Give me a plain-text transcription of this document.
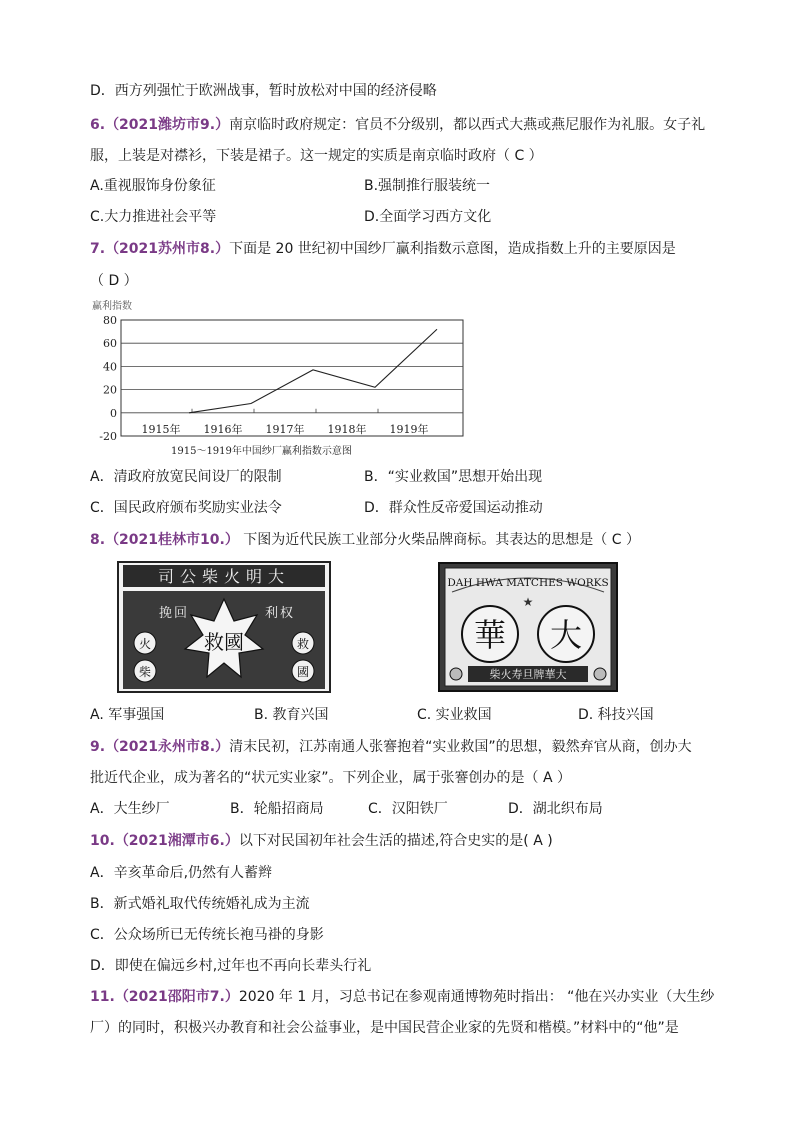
D．西方列强忙于欧洲战事，暂时放松对中国的经济侵略
6.（2021潍坊市9.）南京临时政府规定：官员不分级别，都以西式大燕或燕尼服作为礼服。女子礼
服，上装是对襟衫，下装是裙子。这一规定的实质是南京临时政府（ C ）
A.重视服饰身份象征	B.强制推行服装统一
C.大力推进社会平等	D.全面学习西方文化
7.（2021苏州市8.）下面是 20 世纪初中国纱厂赢利指数示意图，造成指数上升的主要原因是
（ D ）
赢利指数
80
60
40
20
0
-20
1915年 1916年 1917年 1918年 1919年
1915～1919年中国纱厂赢利指数示意图
A．清政府放宽民间设厂的限制	B．“实业救国”思想开始出现
C．国民政府颁布奖励实业法令	D．群众性反帝爱国运动推动
8.（2021桂林市10.） 下图为近代民族工业部分火柴品牌商标。其表达的思想是（ C ）
司公柴火明大
救國
挽 回	利 权
火
柴
救
國
DAH HWA MATCHES WORKS
★
華 大
柴火寿旦牌華大
A. 军事强国	B. 教育兴国	C. 实业救国	D. 科技兴国
9.（2021永州市8.）清末民初，江苏南通人张謇抱着“实业救国”的思想，毅然弃官从商，创办大
批近代企业，成为著名的“状元实业家”。下列企业，属于张謇创办的是（ A ）
A．大生纱厂	B．轮船招商局	C．汉阳铁厂	D．湖北织布局
10.（2021湘潭市6.）以下对民国初年社会生活的描述,符合史实的是( A )
A．辛亥革命后,仍然有人蓄辫
B．新式婚礼取代传统婚礼成为主流
C．公众场所已无传统长袍马褂的身影
D．即使在偏远乡村,过年也不再向长辈头行礼
11.（2021邵阳市7.）2020 年 1 月，习总书记在参观南通博物苑时指出： “他在兴办实业（大生纱
厂）的同时，积极兴办教育和社会公益事业，是中国民营企业家的先贤和楷模。”材料中的“他”是
